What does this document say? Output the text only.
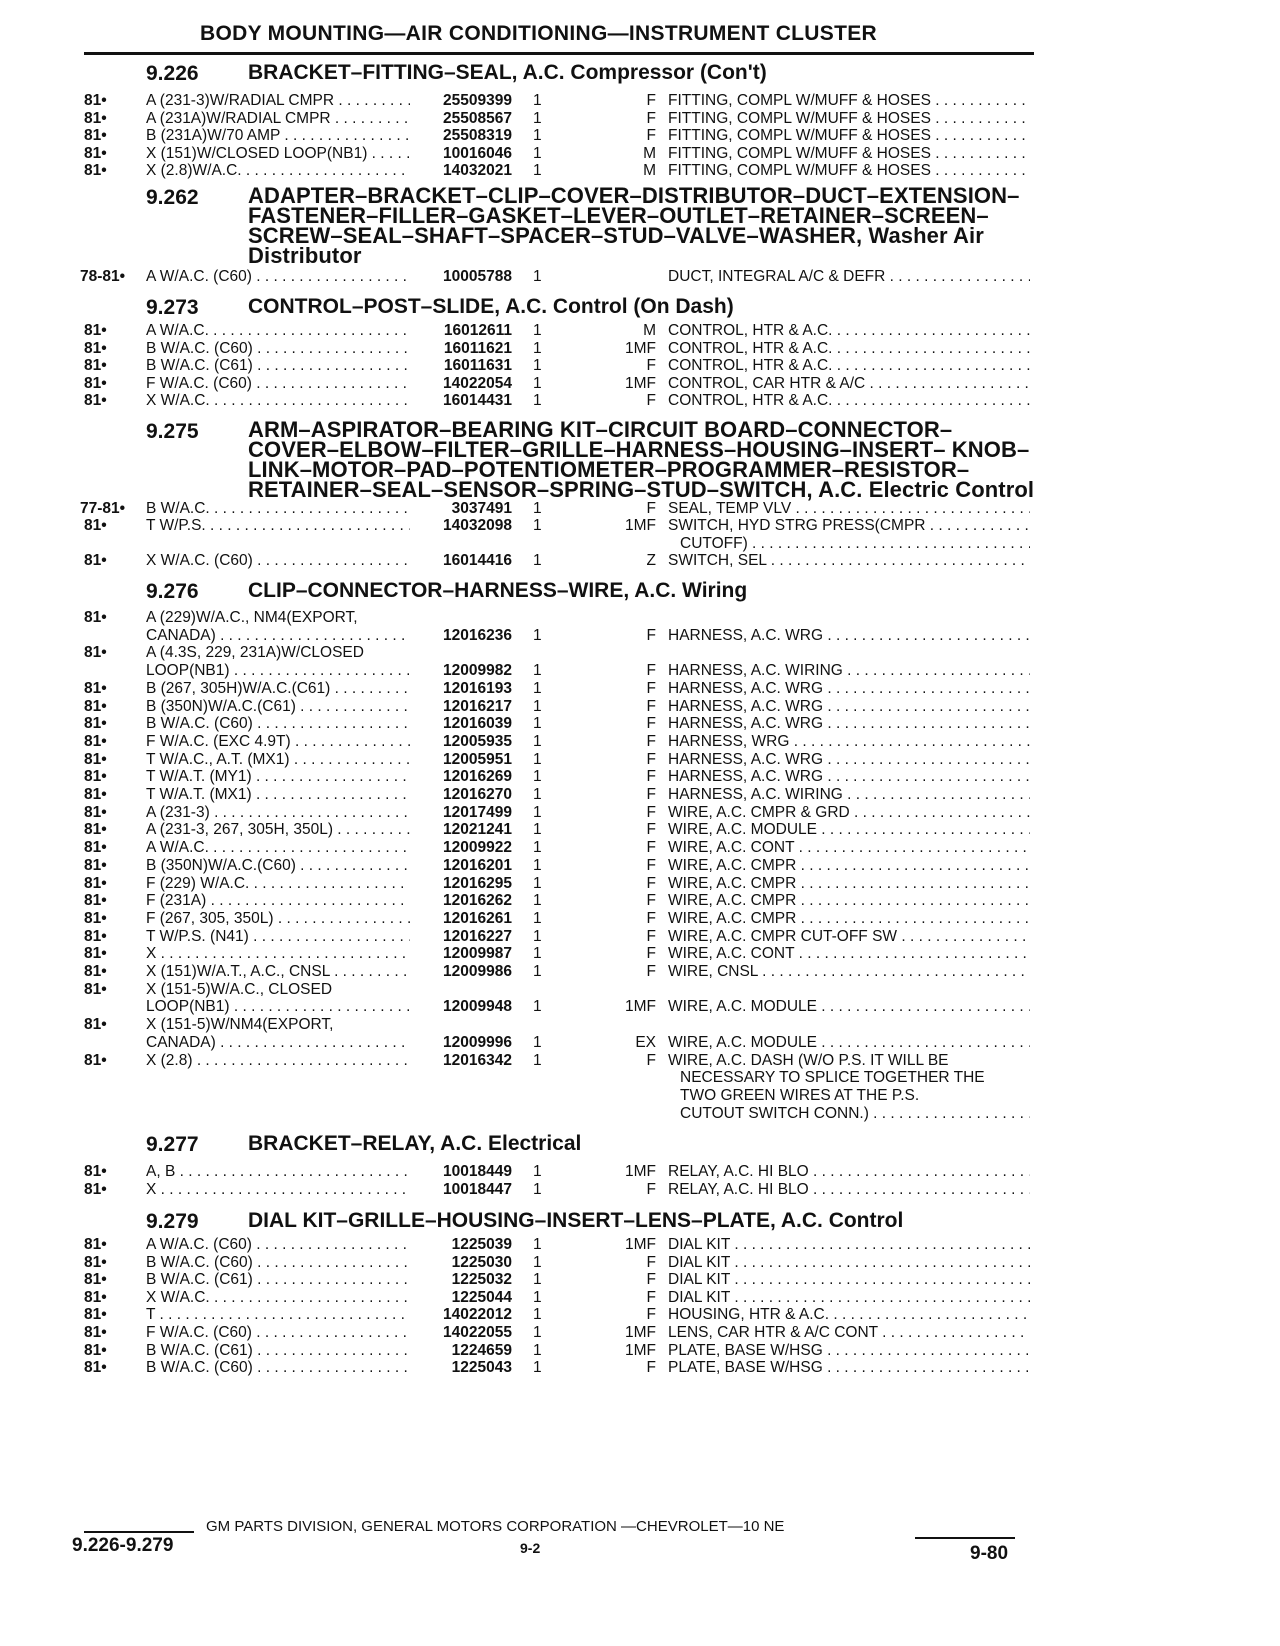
BODY MOUNTING—AIR CONDITIONING—INSTRUMENT CLUSTER
9.226 BRACKET–FITTING–SEAL, A.C. Compressor (Con't)
81•	A (231-3)W/RADIAL CMPR . . .	25509399 1	F FITTING, COMPL W/MUFF & HOSES . . .
81•	A (231A)W/RADIAL CMPR . . .	25508567 1	F FITTING, COMPL W/MUFF & HOSES . . .
81•	B (231A)W/70 AMP . . .	25508319 1	F FITTING, COMPL W/MUFF & HOSES . . .
81•	X (151)W/CLOSED LOOP(NB1) . . .	10016046 1	M FITTING, COMPL W/MUFF & HOSES . . .
81•	X (2.8)W/A.C. . . .	14032021 1	M FITTING, COMPL W/MUFF & HOSES . . .
9.262 ADAPTER–BRACKET–CLIP–COVER–DISTRIBUTOR–DUCT–EXTENSION–
FASTENER–FILLER–GASKET–LEVER–OUTLET–RETAINER–SCREEN–
SCREW–SEAL–SHAFT–SPACER–STUD–VALVE–WASHER, Washer Air
Distributor
78-81•	A W/A.C. (C60) . . .	10005788 1	DUCT, INTEGRAL A/C & DEFR . . .
9.273 CONTROL–POST–SLIDE, A.C. Control (On Dash)
81•	A W/A.C. . . .	16012611 1	M CONTROL, HTR & A.C. . . .
81•	B W/A.C. (C60) . . .	16011621 1	1MF CONTROL, HTR & A.C. . . .
81•	B W/A.C. (C61) . . .	16011631 1	F CONTROL, HTR & A.C. . . .
81•	F W/A.C. (C60) . . .	14022054 1	1MF CONTROL, CAR HTR & A/C . . .
81•	X W/A.C. . . .	16014431 1	F CONTROL, HTR & A.C. . . .
9.275 ARM–ASPIRATOR–BEARING KIT–CIRCUIT BOARD–CONNECTOR–
COVER–ELBOW–FILTER–GRILLE–HARNESS–HOUSING–INSERT– KNOB–
LINK–MOTOR–PAD–POTENTIOMETER–PROGRAMMER–RESISTOR–
RETAINER–SEAL–SENSOR–SPRING–STUD–SWITCH, A.C. Electric Control
77-81•	B W/A.C. . . .	3037491 1	F SEAL, TEMP VLV . . .
81•	T W/P.S. . . .	14032098 1	1MF SWITCH, HYD STRG PRESS(CMPR . . .
CUTOFF) . . .
81•	X W/A.C. (C60) . . .	16014416 1	Z SWITCH, SEL . . .
9.276 CLIP–CONNECTOR–HARNESS–WIRE, A.C. Wiring
81•	A (229)W/A.C., NM4(EXPORT,
CANADA) . . .	12016236 1	F HARNESS, A.C. WRG . . .
81•	A (4.3S, 229, 231A)W/CLOSED
LOOP(NB1) . . .	12009982 1	F HARNESS, A.C. WIRING . . .
81•	B (267, 305H)W/A.C.(C61) . . .	12016193 1	F HARNESS, A.C. WRG . . .
81•	B (350N)W/A.C.(C61) . . .	12016217 1	F HARNESS, A.C. WRG . . .
81•	B W/A.C. (C60) . . .	12016039 1	F HARNESS, A.C. WRG . . .
81•	F W/A.C. (EXC 4.9T) . . .	12005935 1	F HARNESS, WRG . . .
81•	T W/A.C., A.T. (MX1) . . .	12005951 1	F HARNESS, A.C. WRG . . .
81•	T W/A.T. (MY1) . . .	12016269 1	F HARNESS, A.C. WRG . . .
81•	T W/A.T. (MX1) . . .	12016270 1	F HARNESS, A.C. WIRING . . .
81•	A (231-3) . . .	12017499 1	F WIRE, A.C. CMPR & GRD . . .
81•	A (231-3, 267, 305H, 350L) . . .	12021241 1	F WIRE, A.C. MODULE . . .
81•	A W/A.C. . . .	12009922 1	F WIRE, A.C. CONT . . .
81•	B (350N)W/A.C.(C60) . . .	12016201 1	F WIRE, A.C. CMPR . . .
81•	F (229) W/A.C. . . .	12016295 1	F WIRE, A.C. CMPR . . .
81•	F (231A) . . .	12016262 1	F WIRE, A.C. CMPR . . .
81•	F (267, 305, 350L) . . .	12016261 1	F WIRE, A.C. CMPR . . .
81•	T W/P.S. (N41) . . .	12016227 1	F WIRE, A.C. CMPR CUT-OFF SW . . .
81•	X . . .	12009987 1	F WIRE, A.C. CONT . . .
81•	X (151)W/A.T., A.C., CNSL . . .	12009986 1	F WIRE, CNSL . . .
81•	X (151-5)W/A.C., CLOSED
LOOP(NB1) . . .	12009948 1	1MF WIRE, A.C. MODULE . . .
81•	X (151-5)W/NM4(EXPORT,
CANADA) . . .	12009996 1	EX WIRE, A.C. MODULE . . .
81•	X (2.8) . . .	12016342 1	F WIRE, A.C. DASH (W/O P.S. IT WILL BE
NECESSARY TO SPLICE TOGETHER THE
TWO GREEN WIRES AT THE P.S.
CUTOUT SWITCH CONN.) . . .
9.277 BRACKET–RELAY, A.C. Electrical
81•	A, B . . .	10018449 1	1MF RELAY, A.C. HI BLO . . .
81•	X . . .	10018447 1	F RELAY, A.C. HI BLO . . .
9.279 DIAL KIT–GRILLE–HOUSING–INSERT–LENS–PLATE, A.C. Control
81•	A W/A.C. (C60) . . .	1225039 1	1MF DIAL KIT . . .
81•	B W/A.C. (C60) . . .	1225030 1	F DIAL KIT . . .
81•	B W/A.C. (C61) . . .	1225032 1	F DIAL KIT . . .
81•	X W/A.C. . . .	1225044 1	F DIAL KIT . . .
81•	T . . .	14022012 1	F HOUSING, HTR & A.C. . . .
81•	F W/A.C. (C60) . . .	14022055 1	1MF LENS, CAR HTR & A/C CONT . . .
81•	B W/A.C. (C61) . . .	1224659 1	1MF PLATE, BASE W/HSG . . .
81•	B W/A.C. (C60) . . .	1225043 1	F PLATE, BASE W/HSG . . .
GM PARTS DIVISION, GENERAL MOTORS CORPORATION —CHEVROLET—10 NE
9.226-9.279	9-2	9-80
